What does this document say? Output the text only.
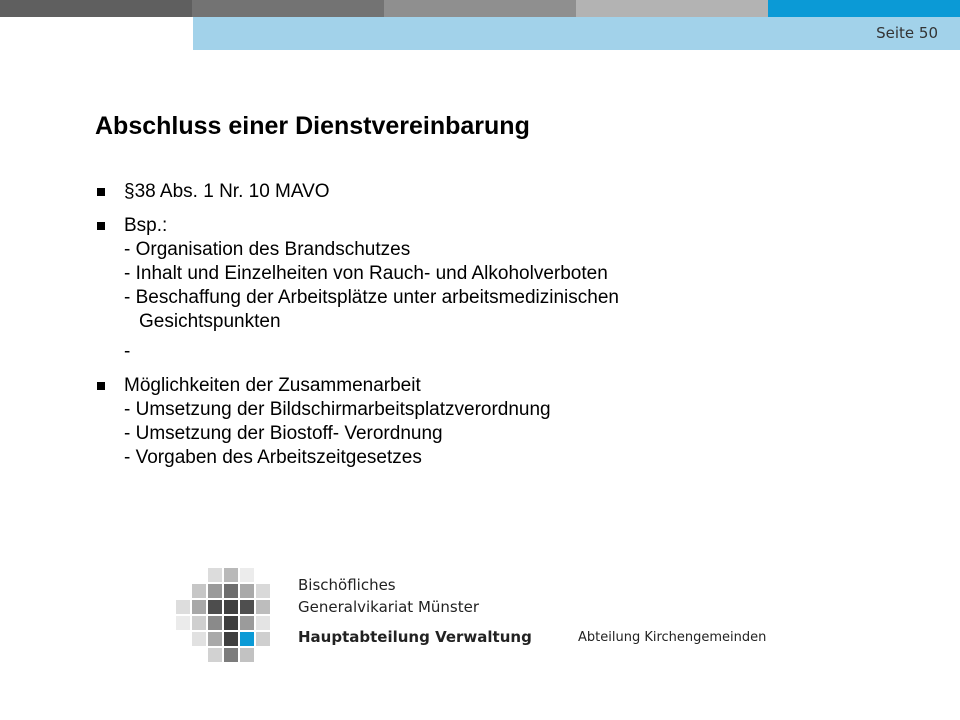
Seite 50
Abschluss einer Dienstvereinbarung
§38 Abs. 1 Nr. 10 MAVO
Bsp.:
- Organisation des Brandschutzes
- Inhalt und Einzelheiten von Rauch- und Alkoholverboten
- Beschaffung der Arbeitsplätze unter arbeitsmedizinischen
Gesichtspunkten
-
Möglichkeiten der Zusammenarbeit
- Umsetzung der Bildschirmarbeitsplatzverordnung
- Umsetzung der Biostoff- Verordnung
- Vorgaben des Arbeitszeitgesetzes
Bischöfliches
Generalvikariat Münster
Hauptabteilung Verwaltung	Abteilung Kirchengemeinden
